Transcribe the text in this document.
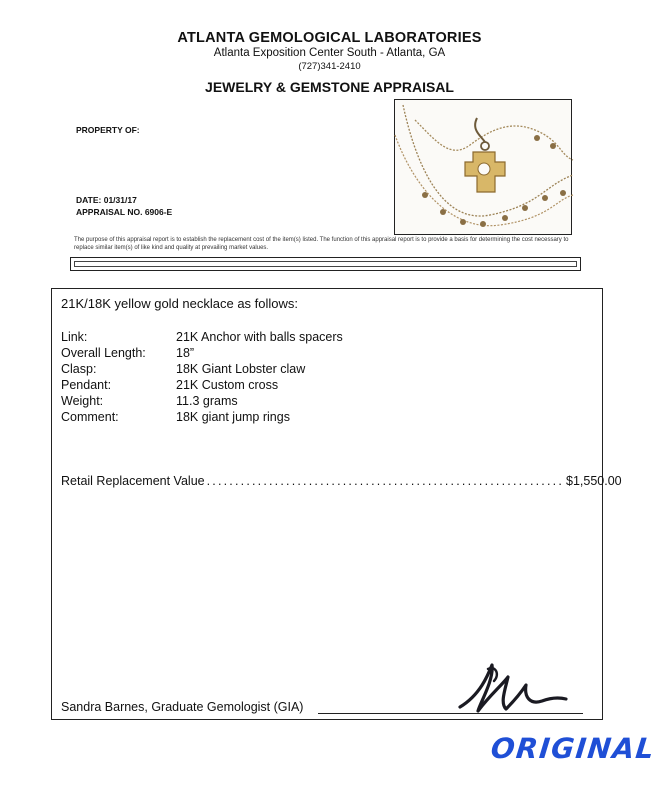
ATLANTA GEMOLOGICAL LABORATORIES
Atlanta Exposition Center South - Atlanta, GA
(727)341-2410
JEWELRY & GEMSTONE APPRAISAL
PROPERTY OF:
DATE: 01/31/17
APPRAISAL NO. 6906-E
The purpose of this appraisal report is to establish the replacement cost of the item(s) listed. The function of this appraisal report is to provide a basis for determining the cost necessary to replace similar item(s) of like kind and quality at prevailing market values.
21K/18K yellow gold necklace as follows:
Link:	21K Anchor with balls spacers
Overall Length: 18”
Clasp:	18K Giant Lobster claw
Pendant:	21K Custom cross
Weight:	11.3 grams
Comment:	18K giant jump rings
Retail Replacement Value ............................................................... $1,550.00
Sandra Barnes, Graduate Gemologist (GIA)
ORIGINAL
